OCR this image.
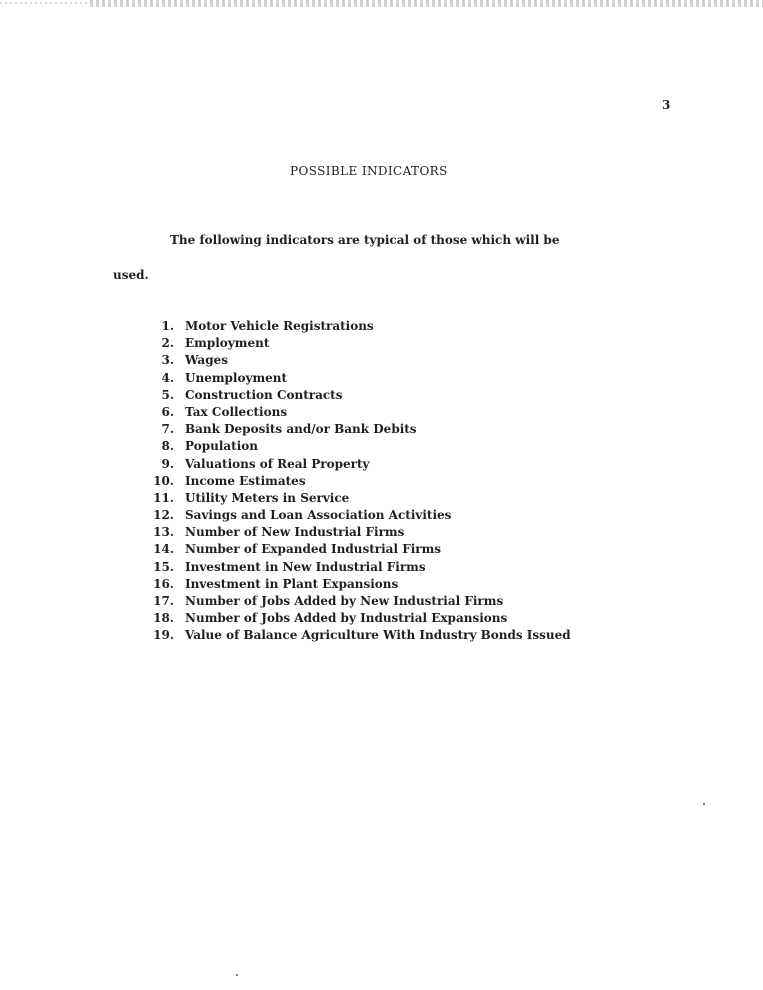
3
POSSIBLE INDICATORS
The following indicators are typical of those which will be
used.
1. Motor Vehicle Registrations
2. Employment
3. Wages
4. Unemployment
5. Construction Contracts
6. Tax Collections
7. Bank Deposits and/or Bank Debits
8. Population
9. Valuations of Real Property
10. Income Estimates
11. Utility Meters in Service
12. Savings and Loan Association Activities
13. Number of New Industrial Firms
14. Number of Expanded Industrial Firms
15. Investment in New Industrial Firms
16. Investment in Plant Expansions
17. Number of Jobs Added by New Industrial Firms
18. Number of Jobs Added by Industrial Expansions
19. Value of Balance Agriculture With Industry Bonds Issued
